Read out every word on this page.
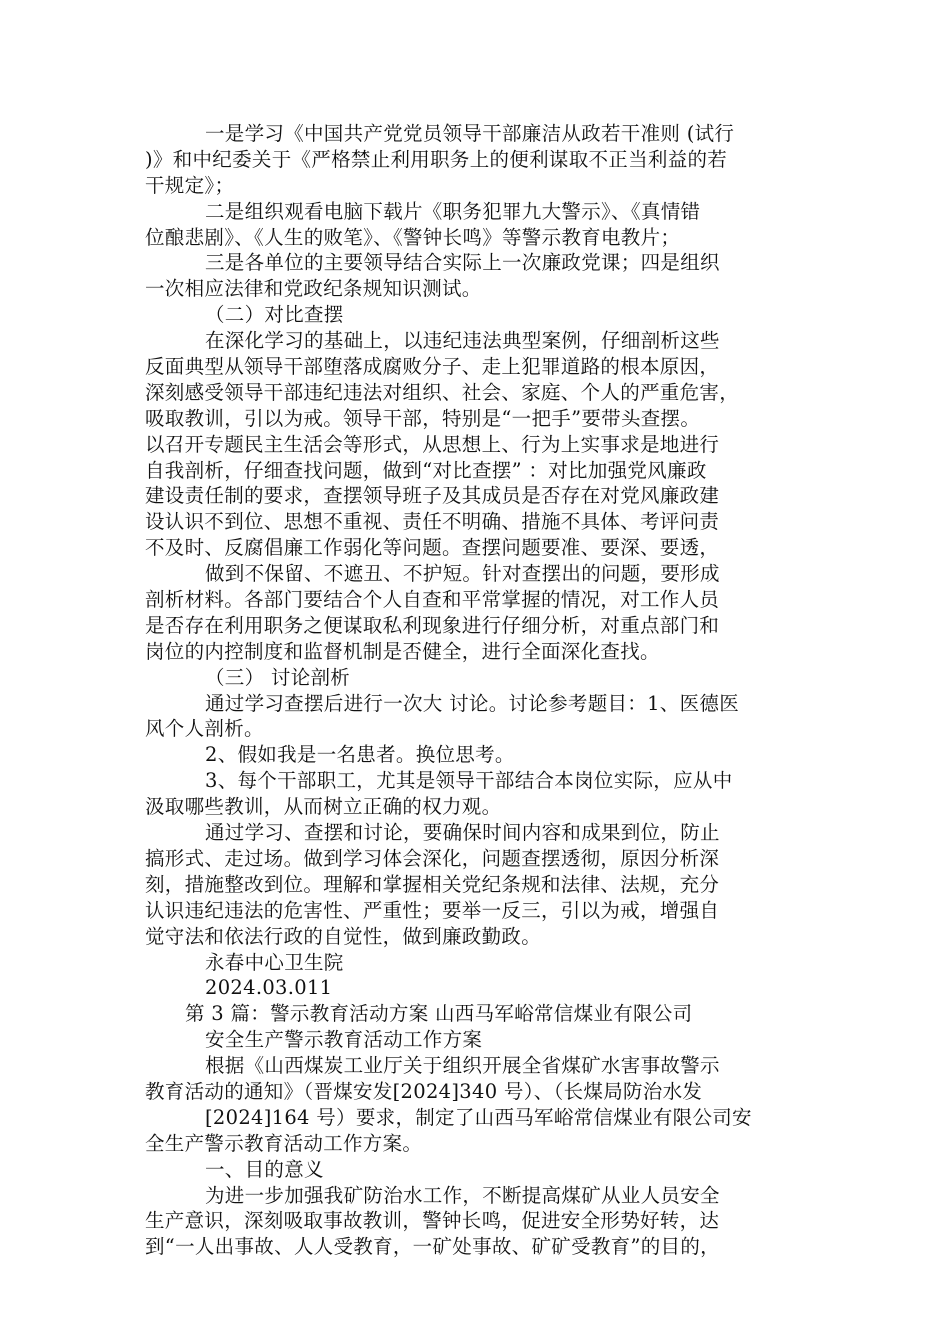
一是学习《中国共产党党员领导干部廉洁从政若干准则 (试行
)》和中纪委关于《严格禁止利用职务上的便利谋取不正当利益的若
干规定》；
二是组织观看电脑下载片《职务犯罪九大警示》、《真情错
位酿悲剧》、《人生的败笔》、《警钟长鸣》等警示教育电教片；
三是各单位的主要领导结合实际上一次廉政党课；四是组织
一次相应法律和党政纪条规知识测试。
（二）对比查摆
在深化学习的基础上，以违纪违法典型案例，仔细剖析这些
反面典型从领导干部堕落成腐败分子、走上犯罪道路的根本原因，
深刻感受领导干部违纪违法对组织、社会、家庭、个人的严重危害，
吸取教训，引以为戒。领导干部，特别是“一把手”要带头查摆。
以召开专题民主生活会等形式，从思想上、行为上实事求是地进行
自我剖析，仔细查找问题，做到“对比查摆” ：对比加强党风廉政
建设责任制的要求，查摆领导班子及其成员是否存在对党风廉政建
设认识不到位、思想不重视、责任不明确、措施不具体、考评问责
不及时、反腐倡廉工作弱化等问题。查摆问题要准、要深、要透，
做到不保留、不遮丑、不护短。针对查摆出的问题，要形成
剖析材料。各部门要结合个人自查和平常掌握的情况，对工作人员
是否存在利用职务之便谋取私利现象进行仔细分析，对重点部门和
岗位的内控制度和监督机制是否健全，进行全面深化查找。
（三） 讨论剖析
通过学习查摆后进行一次大 讨论。讨论参考题目：1、医德医
风个人剖析。
2、假如我是一名患者。换位思考。
3、每个干部职工，尤其是领导干部结合本岗位实际，应从中
汲取哪些教训，从而树立正确的权力观。
通过学习、查摆和讨论，要确保时间内容和成果到位，防止
搞形式、走过场。做到学习体会深化，问题查摆透彻，原因分析深
刻，措施整改到位。理解和掌握相关党纪条规和法律、法规，充分
认识违纪违法的危害性、严重性；要举一反三，引以为戒，增强自
觉守法和依法行政的自觉性，做到廉政勤政。
永春中心卫生院
2024.03.011
第 3 篇：警示教育活动方案 山西马军峪常信煤业有限公司
安全生产警示教育活动工作方案
根据《山西煤炭工业厅关于组织开展全省煤矿水害事故警示
教育活动的通知》（晋煤安发[2024]340 号）、（长煤局防治水发
[2024]164 号）要求，制定了山西马军峪常信煤业有限公司安
全生产警示教育活动工作方案。
一、目的意义
为进一步加强我矿防治水工作，不断提高煤矿从业人员安全
生产意识，深刻吸取事故教训，警钟长鸣，促进安全形势好转，达
到“一人出事故、人人受教育，一矿处事故、矿矿受教育”的目的，
